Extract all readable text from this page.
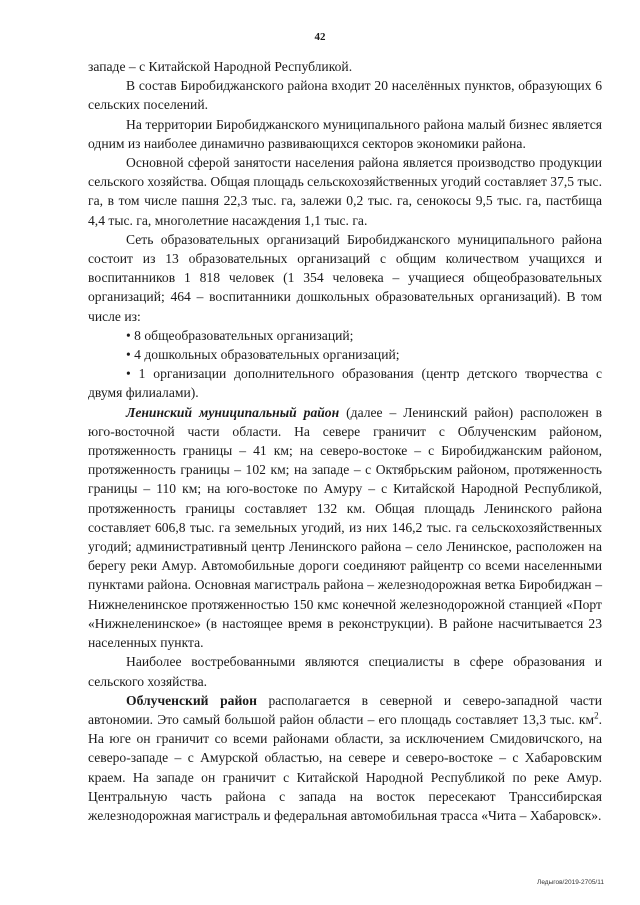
42

западе – с Китайской Народной Республикой.

В состав Биробиджанского района входит 20 населённых пунктов, образующих 6 сельских поселений.

На территории Биробиджанского муниципального района малый бизнес является одним из наиболее динамично развивающихся секторов экономики района.

Основной сферой занятости населения района является производство продукции сельского хозяйства. Общая площадь сельскохозяйственных угодий составляет 37,5 тыс. га, в том числе пашня 22,3 тыс. га, залежи 0,2 тыс. га, сенокосы 9,5 тыс. га, пастбища 4,4 тыс. га, многолетние насаждения 1,1 тыс. га.

Сеть образовательных организаций Биробиджанского муниципального района состоит из 13 образовательных организаций с общим количеством учащихся и воспитанников 1 818 человек (1 354 человека – учащиеся общеобразовательных организаций; 464 – воспитанники дошкольных образовательных организаций). В том числе из:

• 8 общеобразовательных организаций;

• 4 дошкольных образовательных организаций;

• 1 организации дополнительного образования (центр детского творчества с двумя филиалами).

Ленинский муниципальный район (далее – Ленинский район) расположен в юго-восточной части области. На севере граничит с Облученским районом, протяженность границы – 41 км; на северо-востоке – с Биробиджанским районом, протяженность границы – 102 км; на западе – с Октябрьским районом, протяженность границы – 110 км; на юго-востоке по Амуру – с Китайской Народной Республикой, протяженность границы составляет 132 км. Общая площадь Ленинского района составляет 606,8 тыс. га земельных угодий, из них 146,2 тыс. га сельскохозяйственных угодий; административный центр Ленинского района – село Ленинское, расположен на берегу реки Амур. Автомобильные дороги соединяют райцентр со всеми населенными пунктами района. Основная магистраль района – железнодорожная ветка Биробиджан – Нижнеленинское протяженностью 150 кмс конечной железнодорожной станцией «Порт «Нижнеленинское» (в настоящее время в реконструкции). В районе насчитывается 23 населенных пункта.

Наиболее востребованными являются специалисты в сфере образования и сельского хозяйства.

Облученский район располагается в северной и северо-западной части автономии. Это самый большой район области – его площадь составляет 13,3 тыс. $км^2$. На юге он граничит со всеми районами области, за исключением Смидовичского, на северо-западе – с Амурской областью, на севере и северо-востоке – с Хабаровским краем. На западе он граничит с Китайской Народной Республикой по реке Амур. Центральную часть района с запада на восток пересекают Транссибирская железнодорожная магистраль и федеральная автомобильная трасса «Чита – Хабаровск».

Ледыгов/2019-2705/11
